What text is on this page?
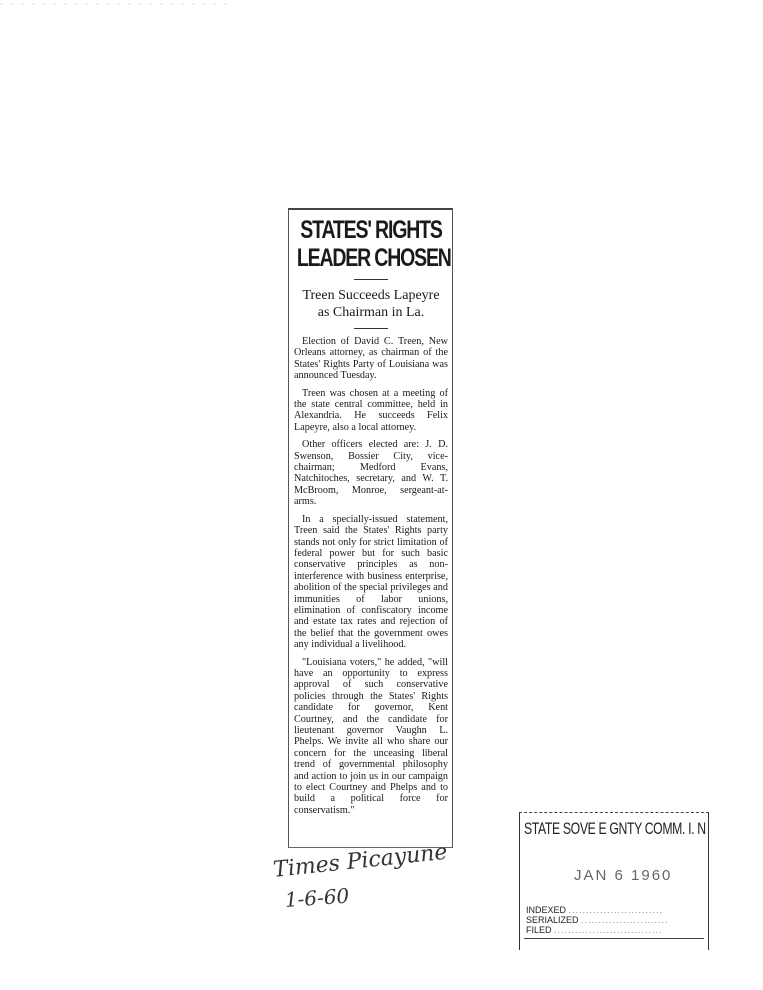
· · · · · · · · · · · · · · · · · · · · · ·
STATES' RIGHTS
LEADER CHOSEN
Treen Succeeds Lapeyre
as Chairman in La.

Election of David C. Treen, New Orleans attorney, as chairman of the States' Rights Party of Louisiana was announced Tuesday.

Treen was chosen at a meeting of the state central committee, held in Alexandria. He succeeds Felix Lapeyre, also a local attorney.

Other officers elected are: J. D. Swenson, Bossier City, vice-chairman; Medford Evans, Natchitoches, secretary, and W. T. McBroom, Monroe, sergeant-at-arms.

In a specially-issued statement, Treen said the States' Rights party stands not only for strict limitation of federal power but for such basic conservative principles as non-interference with business enterprise, abolition of the special privileges and immunities of labor unions, elimination of confiscatory income and estate tax rates and rejection of the belief that the government owes any individual a livelihood.

"Louisiana voters," he added, "will have an opportunity to express approval of such conservative policies through the States' Rights candidate for governor, Kent Courtney, and the candidate for lieutenant governor Vaughn L. Phelps. We invite all who share our concern for the unceasing liberal trend of governmental philosophy and action to join us in our campaign to elect Courtney and Phelps and to build a political force for conservatism."

Times Picayune
1-6-60
STATE SOVE E GNTY COMM. I. N
JAN 6 1960
INDEXED ...........................
SERIALIZED .........................
FILED ...............................
